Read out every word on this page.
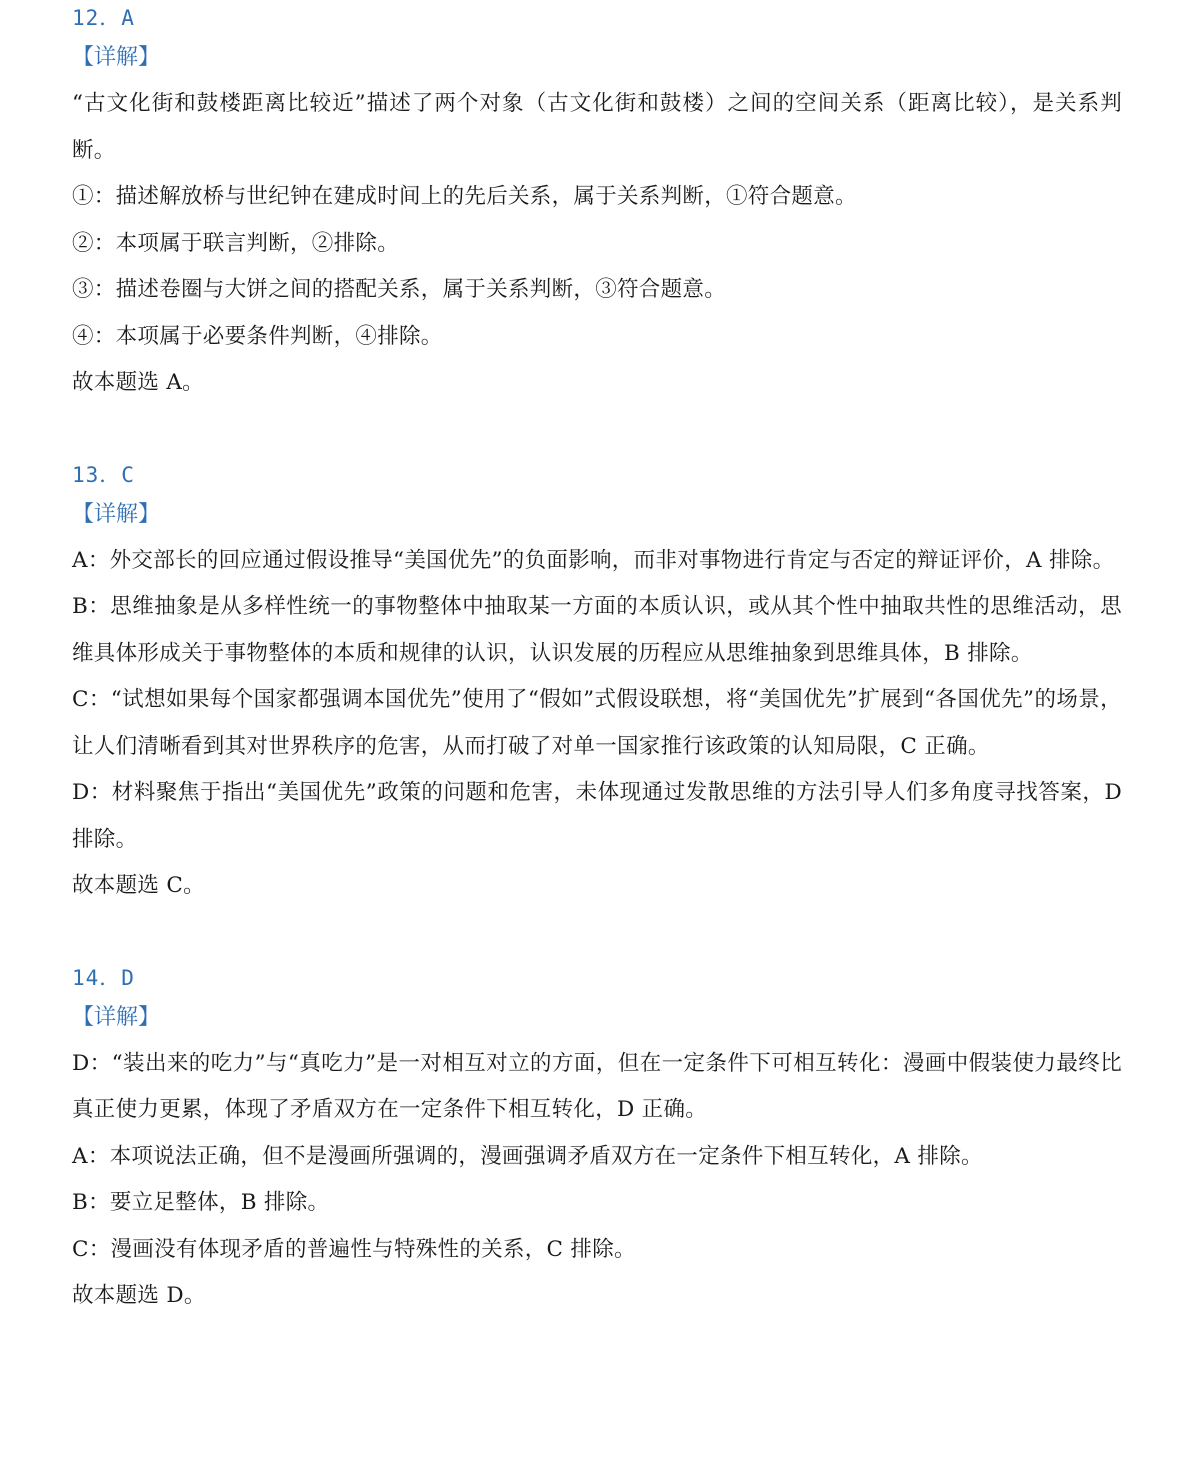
12．A
【详解】

“古文化街和鼓楼距离比较近”描述了两个对象（古文化街和鼓楼）之间的空间关系（距离比较），是关系判断。

①：描述解放桥与世纪钟在建成时间上的先后关系，属于关系判断，①符合题意。

②：本项属于联言判断，②排除。

③：描述卷圈与大饼之间的搭配关系，属于关系判断，③符合题意。

④：本项属于必要条件判断，④排除。

故本题选 A。

13．C
【详解】

A：外交部长的回应通过假设推导“美国优先”的负面影响，而非对事物进行肯定与否定的辩证评价，A 排除。

B：思维抽象是从多样性统一的事物整体中抽取某一方面的本质认识，或从其个性中抽取共性的思维活动，思维具体形成关于事物整体的本质和规律的认识，认识发展的历程应从思维抽象到思维具体，B 排除。

C：“试想如果每个国家都强调本国优先”使用了“假如”式假设联想，将“美国优先”扩展到“各国优先”的场景，让人们清晰看到其对世界秩序的危害，从而打破了对单一国家推行该政策的认知局限，C 正确。

D：材料聚焦于指出“美国优先”政策的问题和危害，未体现通过发散思维的方法引导人们多角度寻找答案，D 排除。

故本题选 C。

14．D
【详解】

D：“装出来的吃力”与“真吃力”是一对相互对立的方面，但在一定条件下可相互转化：漫画中假装使力最终比真正使力更累，体现了矛盾双方在一定条件下相互转化，D 正确。

A：本项说法正确，但不是漫画所强调的，漫画强调矛盾双方在一定条件下相互转化，A 排除。

B：要立足整体，B 排除。

C：漫画没有体现矛盾的普遍性与特殊性的关系，C 排除。

故本题选 D。
